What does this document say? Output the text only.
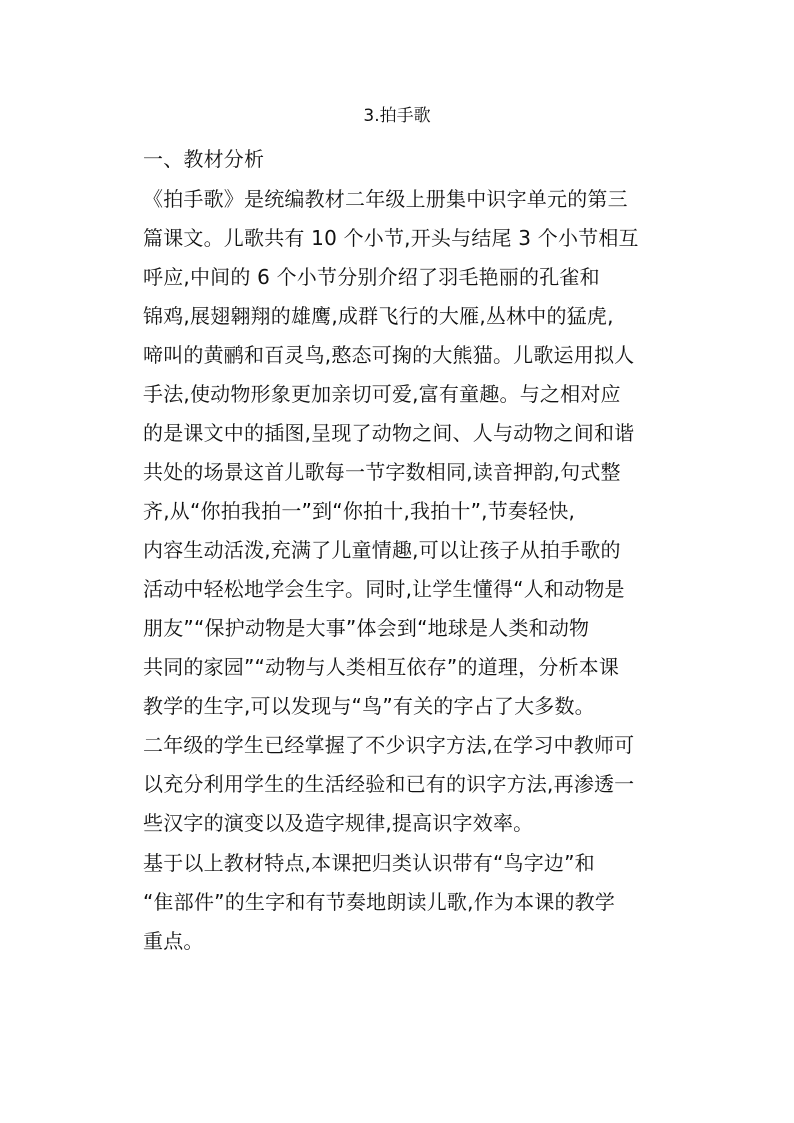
3.拍手歌
一、教材分析
《拍手歌》是统编教材二年级上册集中识字单元的第三
篇课文。儿歌共有 10 个小节,开头与结尾 3 个小节相互
呼应,中间的 6 个小节分别介绍了羽毛艳丽的孔雀和
锦鸡,展翅翱翔的雄鹰,成群飞行的大雁,丛林中的猛虎,
啼叫的黄鹂和百灵鸟,憨态可掬的大熊猫。儿歌运用拟人
手法,使动物形象更加亲切可爱,富有童趣。与之相对应
的是课文中的插图,呈现了动物之间、人与动物之间和谐
共处的场景这首儿歌每一节字数相同,读音押韵,句式整
齐,从“你拍我拍一”到“你拍十,我拍十”,节奏轻快,
内容生动活泼,充满了儿童情趣,可以让孩子从拍手歌的
活动中轻松地学会生字。同时,让学生懂得“人和动物是
朋友”“保护动物是大事”体会到“地球是人类和动物
共同的家园”“动物与人类相互依存”的道理，分析本课
教学的生字,可以发现与“鸟”有关的字占了大多数。
二年级的学生已经掌握了不少识字方法,在学习中教师可
以充分利用学生的生活经验和已有的识字方法,再渗透一
些汉字的演变以及造字规律,提高识字效率。
基于以上教材特点,本课把归类认识带有“鸟字边”和
“隹部件”的生字和有节奏地朗读儿歌,作为本课的教学
重点。
